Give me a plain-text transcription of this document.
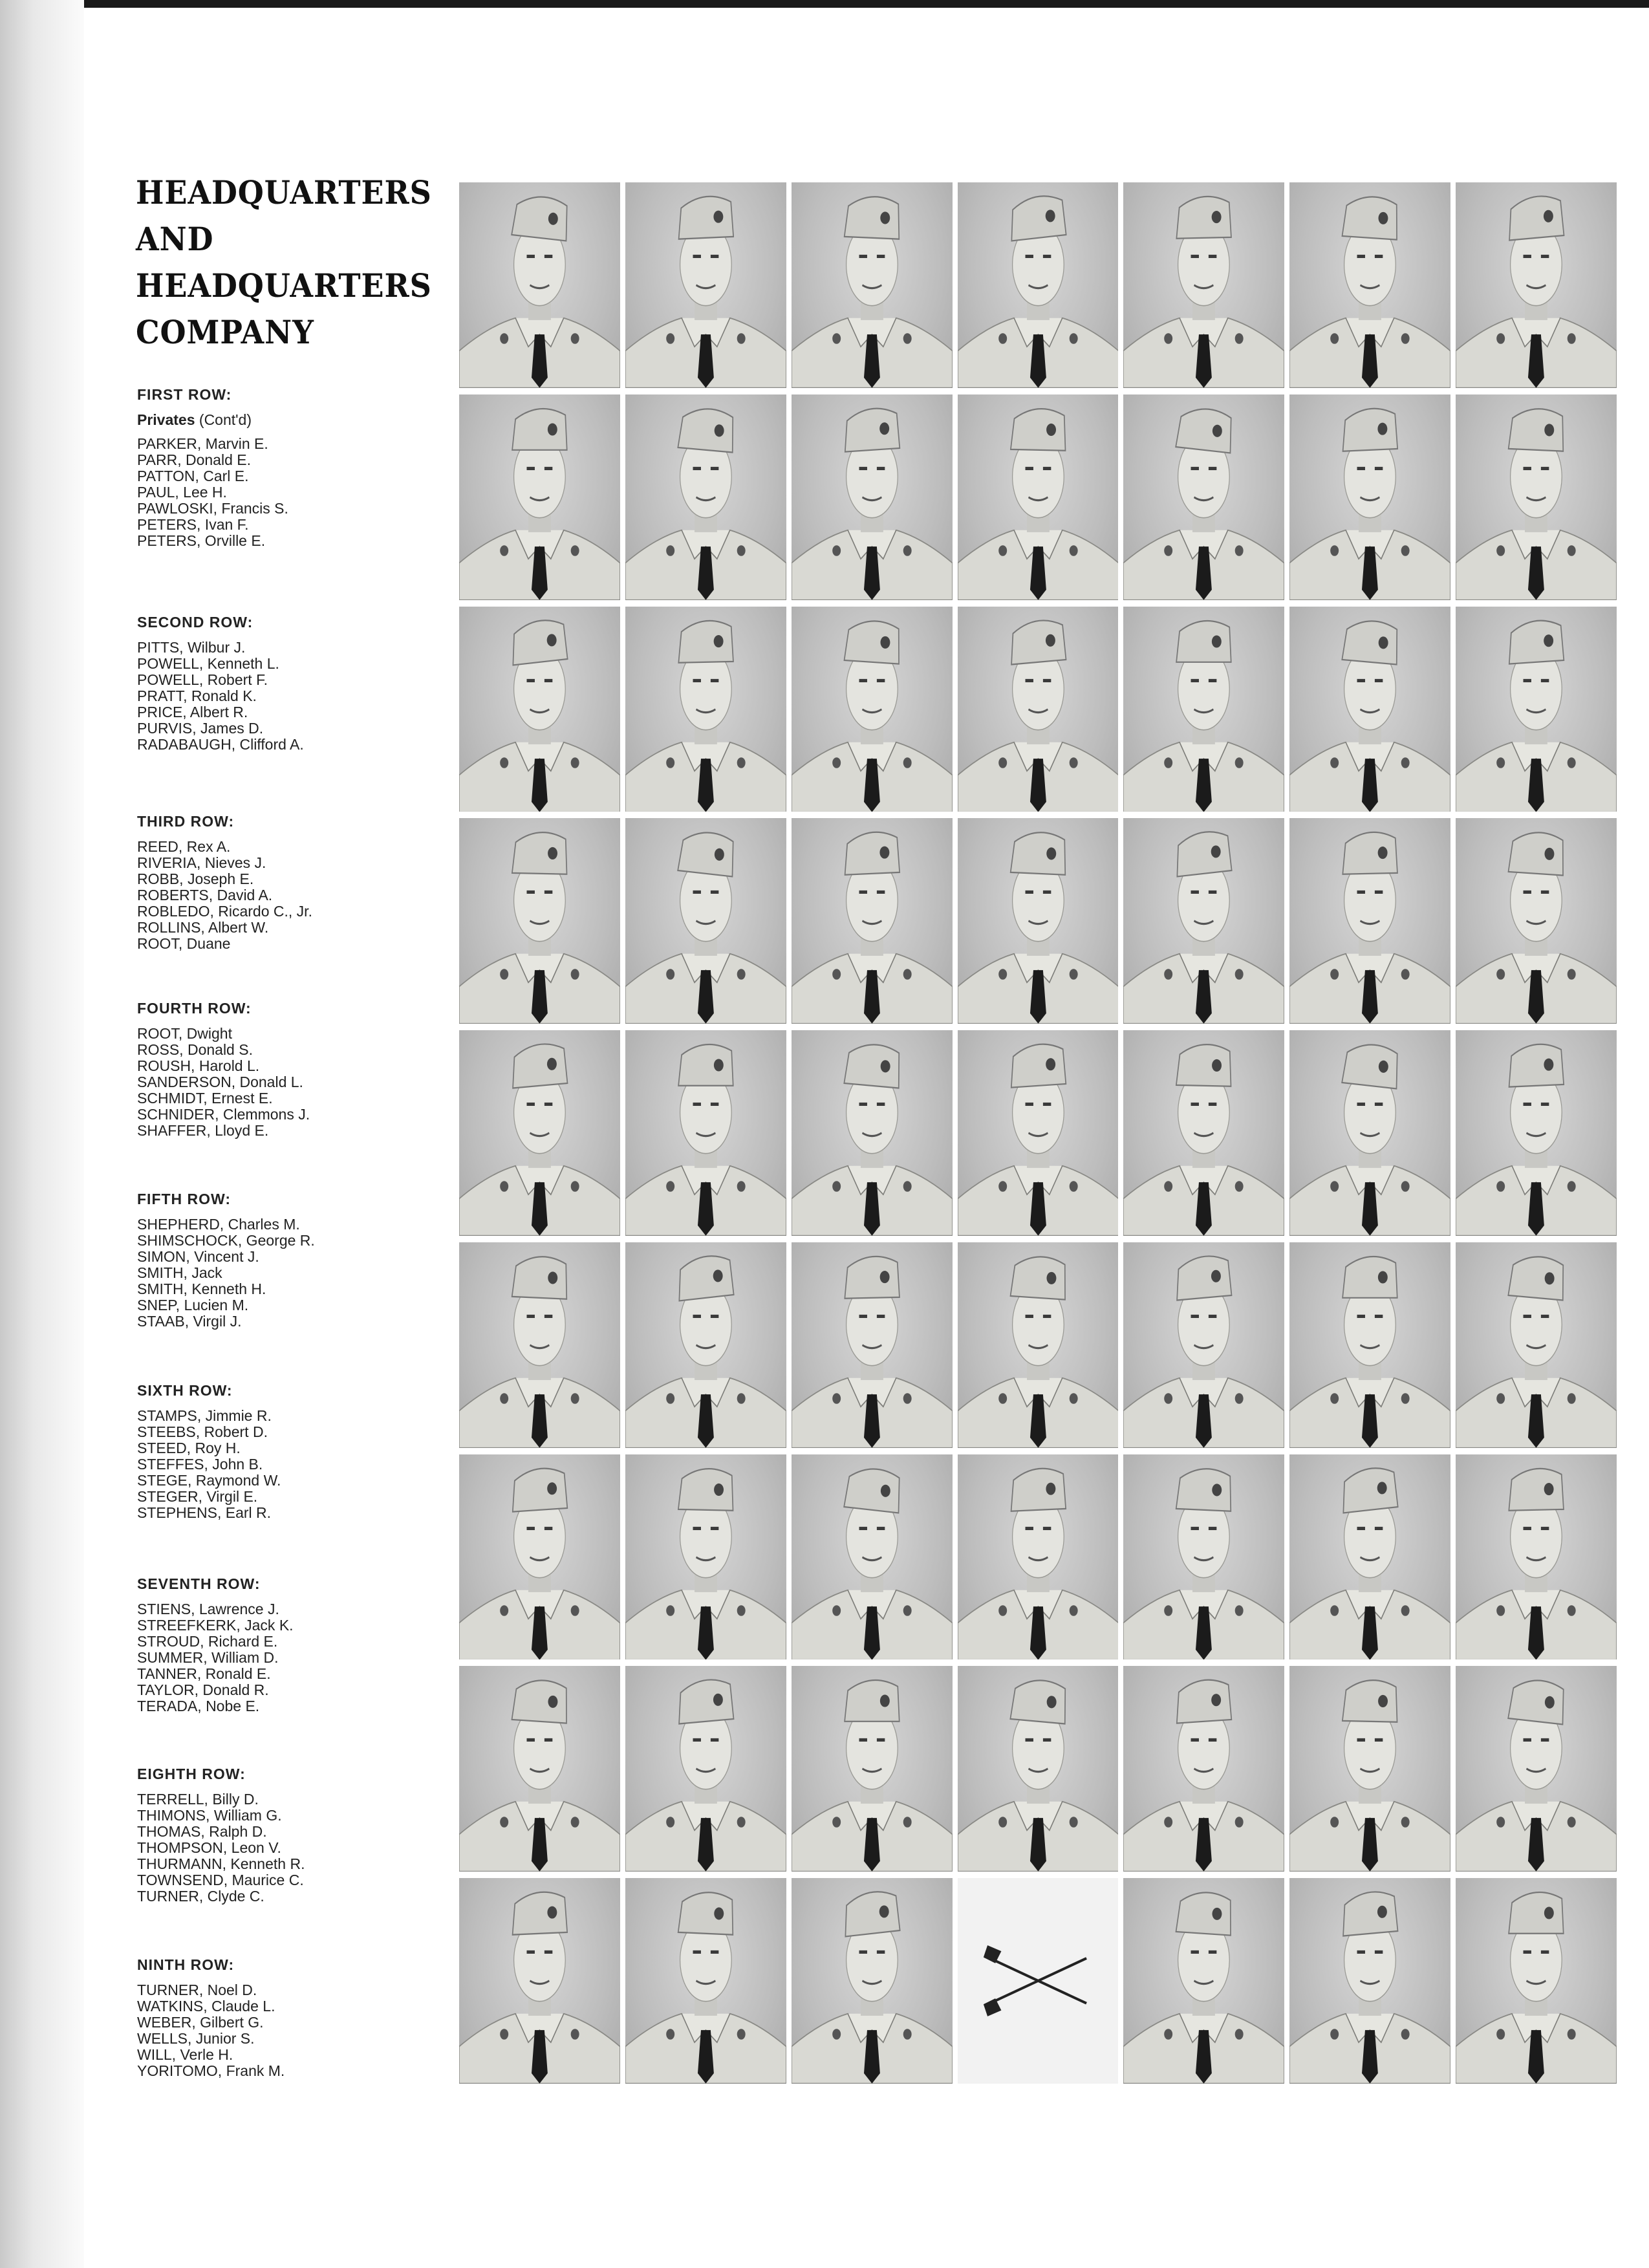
HEADQUARTERS
AND
HEADQUARTERS
COMPANY
FIRST ROW:
Privates (Cont'd)
PARKER, Marvin E.
PARR, Donald E.
PATTON, Carl E.
PAUL, Lee H.
PAWLOSKI, Francis S.
PETERS, Ivan F.
PETERS, Orville E.
SECOND ROW:
PITTS, Wilbur J.
POWELL, Kenneth L.
POWELL, Robert F.
PRATT, Ronald K.
PRICE, Albert R.
PURVIS, James D.
RADABAUGH, Clifford A.
THIRD ROW:
REED, Rex A.
RIVERIA, Nieves J.
ROBB, Joseph E.
ROBERTS, David A.
ROBLEDO, Ricardo C., Jr.
ROLLINS, Albert W.
ROOT, Duane
FOURTH ROW:
ROOT, Dwight
ROSS, Donald S.
ROUSH, Harold L.
SANDERSON, Donald L.
SCHMIDT, Ernest E.
SCHNIDER, Clemmons J.
SHAFFER, Lloyd E.
FIFTH ROW:
SHEPHERD, Charles M.
SHIMSCHOCK, George R.
SIMON, Vincent J.
SMITH, Jack
SMITH, Kenneth H.
SNEP, Lucien M.
STAAB, Virgil J.
SIXTH ROW:
STAMPS, Jimmie R.
STEEBS, Robert D.
STEED, Roy H.
STEFFES, John B.
STEGE, Raymond W.
STEGER, Virgil E.
STEPHENS, Earl R.
SEVENTH ROW:
STIENS, Lawrence J.
STREEFKERK, Jack K.
STROUD, Richard E.
SUMMER, William D.
TANNER, Ronald E.
TAYLOR, Donald R.
TERADA, Nobe E.
EIGHTH ROW:
TERRELL, Billy D.
THIMONS, William G.
THOMAS, Ralph D.
THOMPSON, Leon V.
THURMANN, Kenneth R.
TOWNSEND, Maurice C.
TURNER, Clyde C.
NINTH ROW:
TURNER, Noel D.
WATKINS, Claude L.
WEBER, Gilbert G.
WELLS, Junior S.
WILL, Verle H.
YORITOMO, Frank M.
